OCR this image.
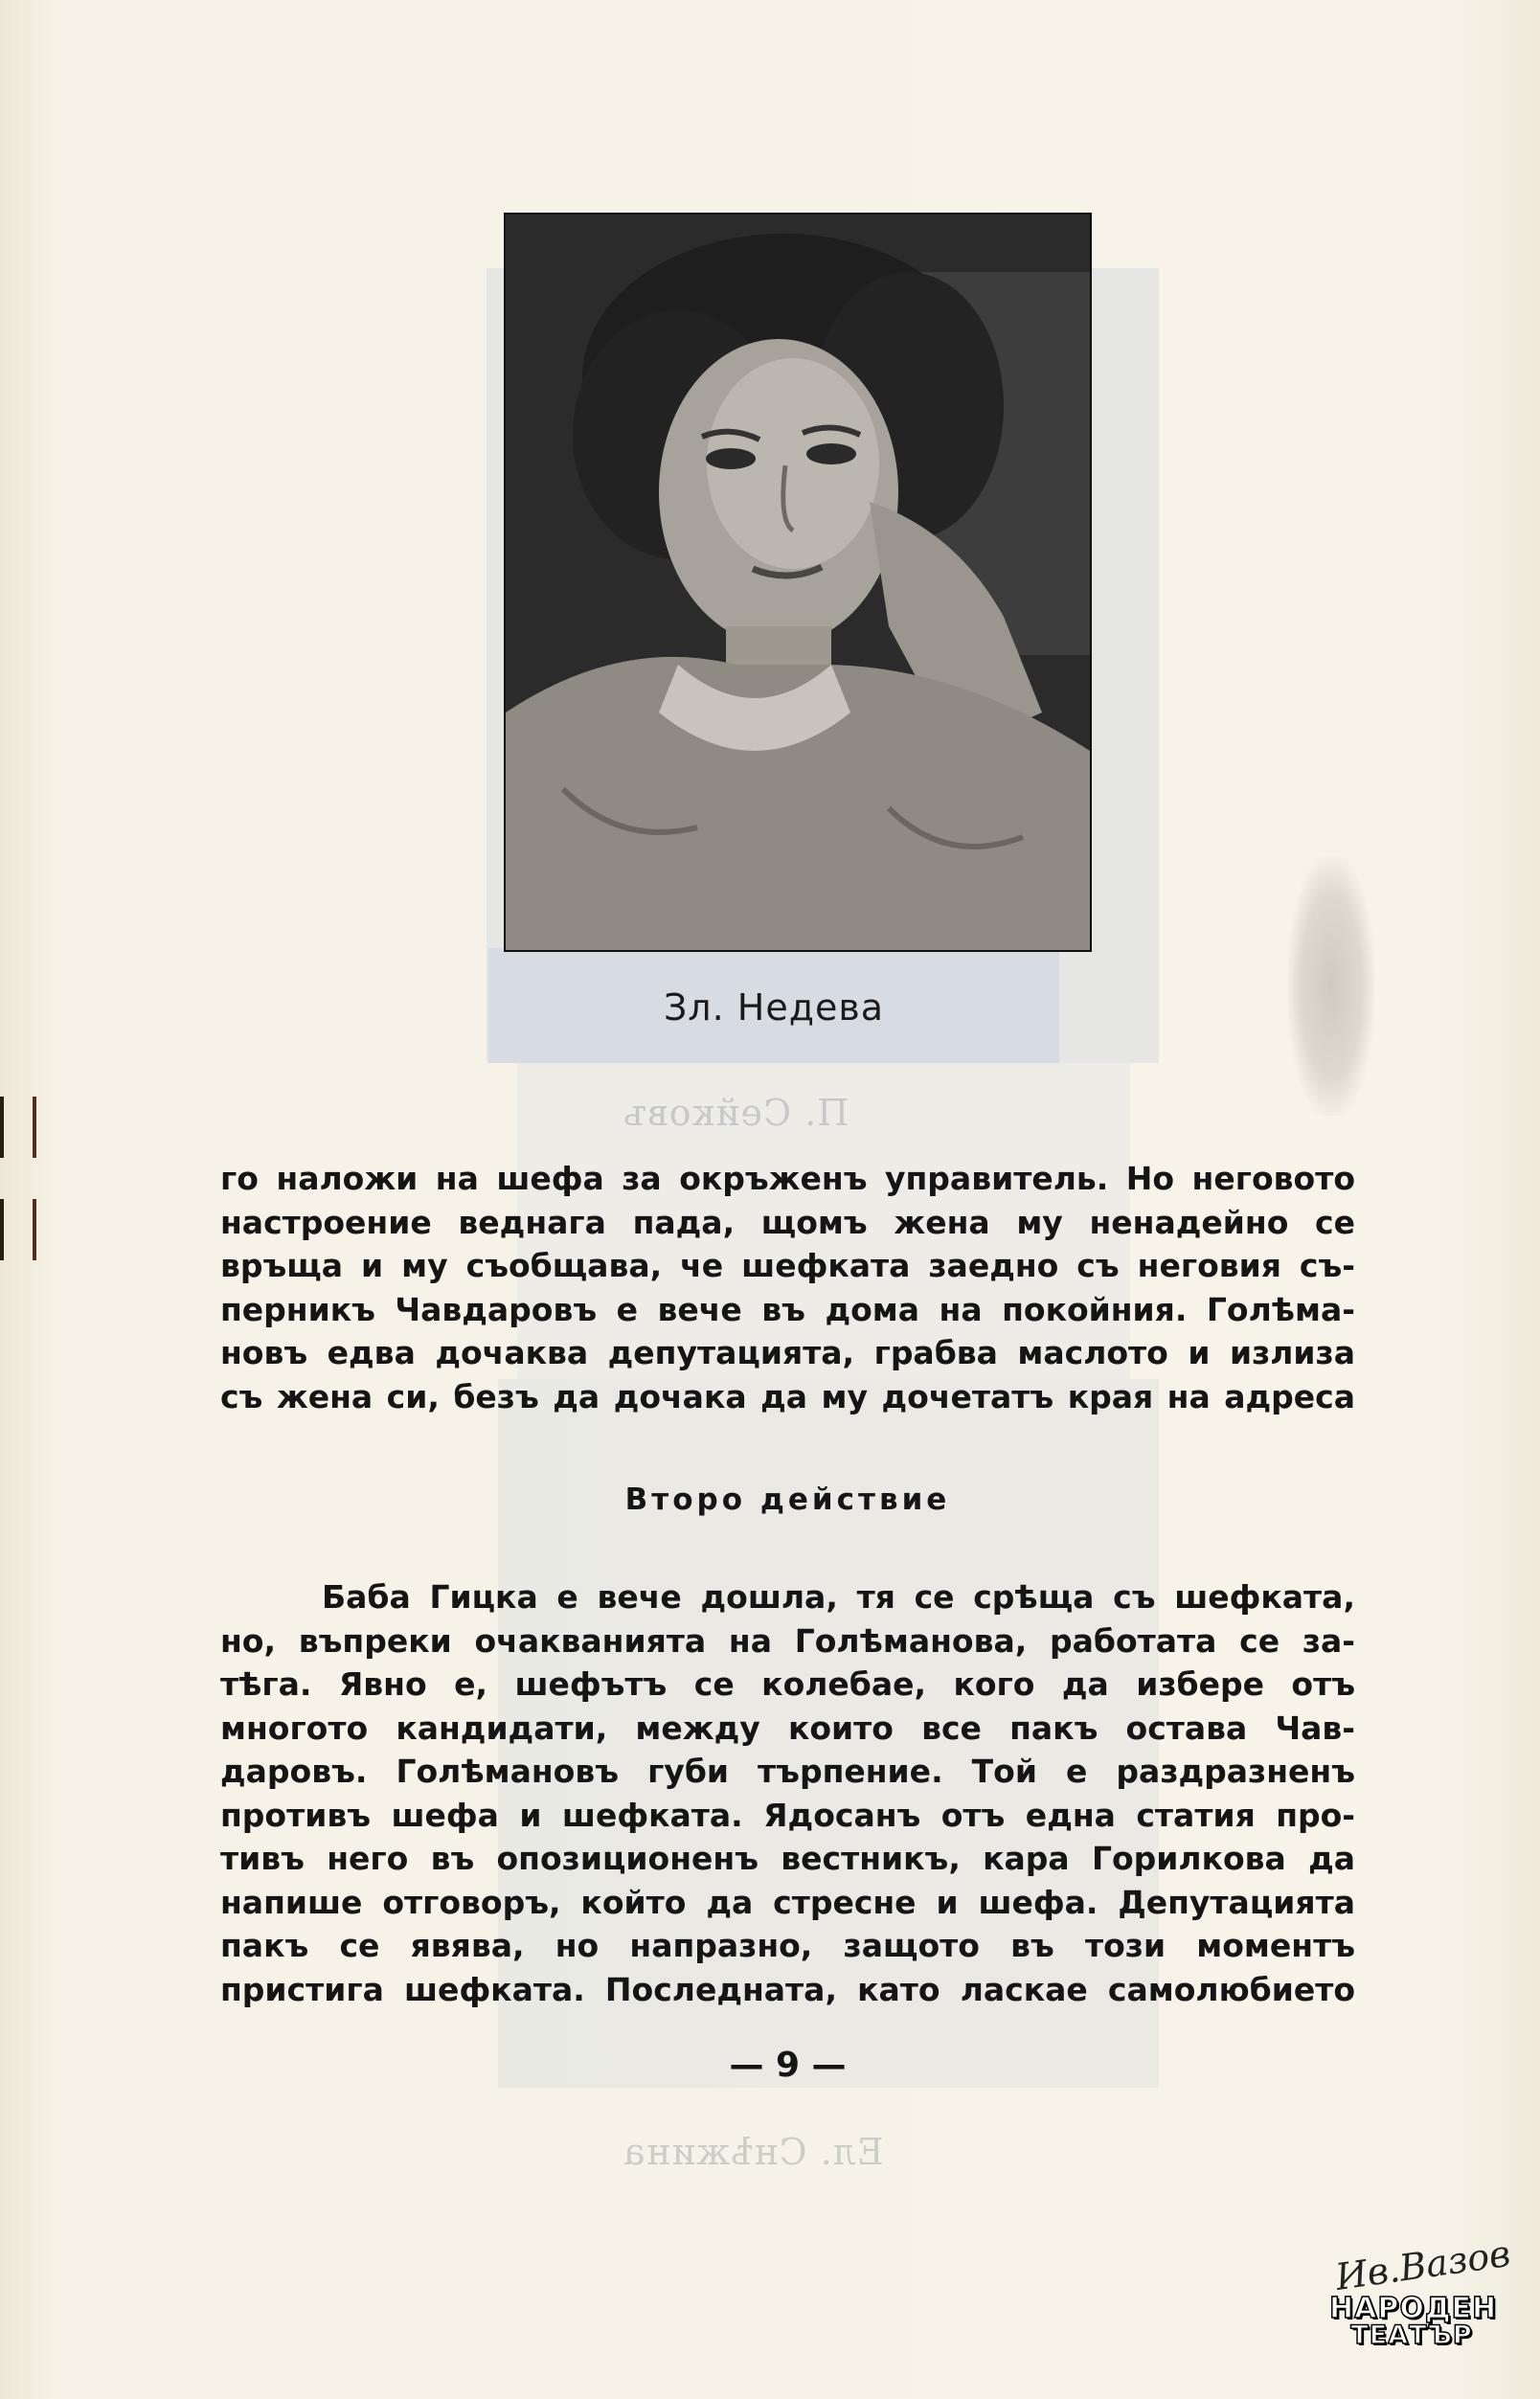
П. Сейковъ
Ел. Снѣжина
Зл. Недева
го наложи на шефа за окръженъ управитель. Но неговото
настроение веднага пада, щомъ жена му ненадейно се
връща и му съобщава, че шефката заедно съ неговия съ-
перникъ Чавдаровъ е вече въ дома на покойния. Голѣма-
новъ едва дочаква депутацията, грабва маслото и излиза
съ жена си, безъ да дочака да му дочетатъ края на адреса
Второ действие
Баба Гицка е вече дошла, тя се срѣща съ шефката,
но, въпреки очакванията на Голѣманова, работата се за-
тѣга. Явно е, шефътъ се колебае, кого да избере отъ
многото кандидати, между които все пакъ остава Чав-
даровъ. Голѣмановъ губи търпение. Той е раздразненъ
противъ шефа и шефката. Ядосанъ отъ една статия про-
тивъ него въ опозиционенъ вестникъ, кара Горилкова да
напише отговоръ, който да стресне и шефа. Депутацията
пакъ се явява, но напразно, защото въ този моментъ
пристига шефката. Последната, като ласкае самолюбието
— 9 —
Ив.Вазов
НАРОДЕН
ТЕАТЪР
